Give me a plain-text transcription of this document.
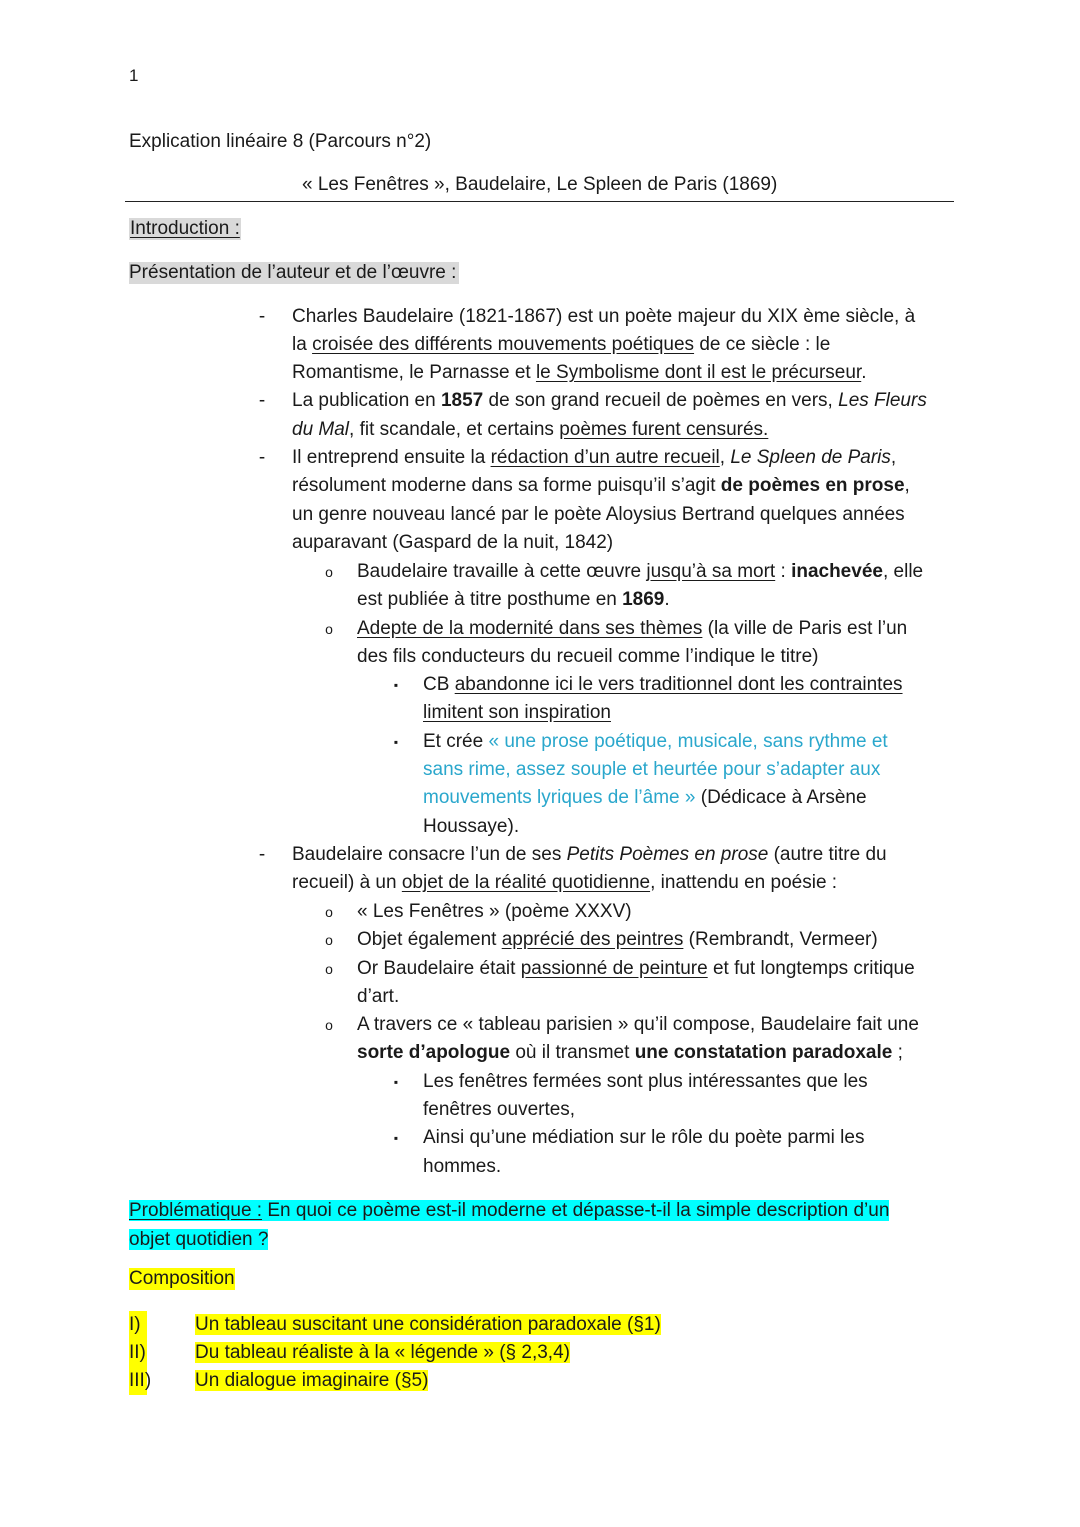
1
Explication linéaire 8 (Parcours n°2)
« Les Fenêtres », Baudelaire, Le Spleen de Paris (1869)
Introduction :
Présentation de l’auteur et de l’œuvre :
- Charles Baudelaire (1821-1867) est un poète majeur du XIX ème siècle, à
la croisée des différents mouvements poétiques de ce siècle : le
Romantisme, le Parnasse et le Symbolisme dont il est le précurseur.
- La publication en 1857 de son grand recueil de poèmes en vers, Les Fleurs
du Mal, fit scandale, et certains poèmes furent censurés.
- Il entreprend ensuite la rédaction d’un autre recueil, Le Spleen de Paris,
résolument moderne dans sa forme puisqu’il s’agit de poèmes en prose,
un genre nouveau lancé par le poète Aloysius Bertrand quelques années
auparavant (Gaspard de la nuit, 1842)
o Baudelaire travaille à cette œuvre jusqu’à sa mort : inachevée, elle
est publiée à titre posthume en 1869.
o Adepte de la modernité dans ses thèmes (la ville de Paris est l’un
des fils conducteurs du recueil comme l’indique le titre)
▪ CB abandonne ici le vers traditionnel dont les contraintes
limitent son inspiration
▪ Et crée « une prose poétique, musicale, sans rythme et
sans rime, assez souple et heurtée pour s’adapter aux
mouvements lyriques de l’âme » (Dédicace à Arsène
Houssaye).
- Baudelaire consacre l’un de ses Petits Poèmes en prose (autre titre du
recueil) à un objet de la réalité quotidienne, inattendu en poésie :
o « Les Fenêtres » (poème XXXV)
o Objet également apprécié des peintres (Rembrandt, Vermeer)
o Or Baudelaire était passionné de peinture et fut longtemps critique
d’art.
o A travers ce « tableau parisien » qu’il compose, Baudelaire fait une
sorte d’apologue où il transmet une constatation paradoxale ;
▪ Les fenêtres fermées sont plus intéressantes que les
fenêtres ouvertes,
▪ Ainsi qu’une médiation sur le rôle du poète parmi les
hommes.
Problématique : En quoi ce poème est-il moderne et dépasse-t-il la simple description d’un
objet quotidien ?
Composition
I)	Un tableau suscitant une considération paradoxale (§1)
II)	Du tableau réaliste à la « légende » (§ 2,3,4)
III) Un dialogue imaginaire (§5)
